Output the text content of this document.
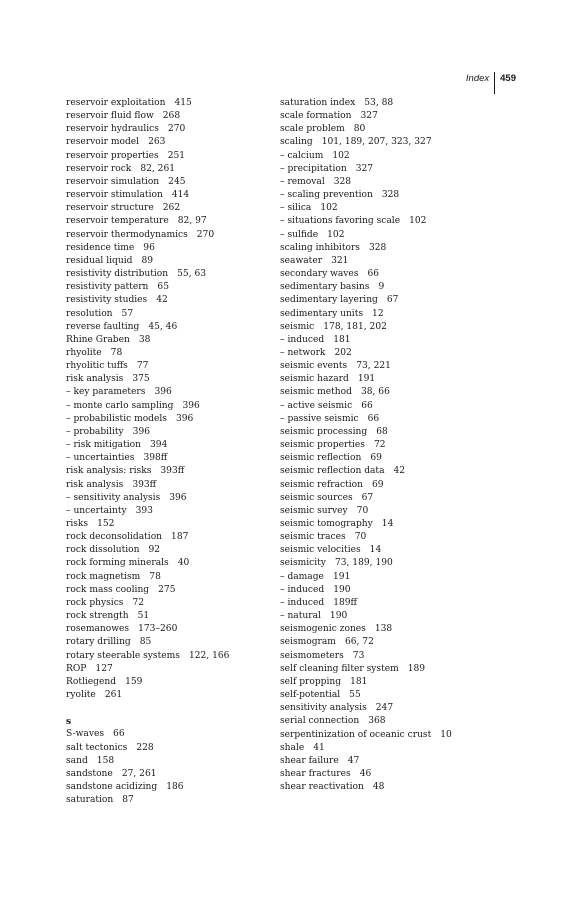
Index	459
reservoir exploitation 415
reservoir fluid flow 268
reservoir hydraulics 270
reservoir model 263
reservoir properties 251
reservoir rock 82, 261
reservoir simulation 245
reservoir stimulation 414
reservoir structure 262
reservoir temperature 82, 97
reservoir thermodynamics 270
residence time 96
residual liquid 89
resistivity distribution 55, 63
resistivity pattern 65
resistivity studies 42
resolution 57
reverse faulting 45, 46
Rhine Graben 38
rhyolite 78
rhyolitic tuffs 77
risk analysis 375
– key parameters 396
– monte carlo sampling 396
– probabilistic models 396
– probability 396
– risk mitigation 394
– uncertainties 398ff
risk analysis: risks 393ff
risk analysis 393ff
– sensitivity analysis 396
– uncertainty 393
risks 152
rock deconsolidation 187
rock dissolution 92
rock forming minerals 40
rock magnetism 78
rock mass cooling 275
rock physics 72
rock strength 51
rosemanowes 173–260
rotary drilling 85
rotary steerable systems 122, 166
ROP 127
Rotliegend 159
ryolite 261
s
S-waves 66
salt tectonics 228
sand 158
sandstone 27, 261
sandstone acidizing 186
saturation 87
saturation index 53, 88
scale formation 327
scale problem 80
scaling 101, 189, 207, 323, 327
– calcium 102
– precipitation 327
– removal 328
– scaling prevention 328
– silica 102
– situations favoring scale 102
– sulfide 102
scaling inhibitors 328
seawater 321
secondary waves 66
sedimentary basins 9
sedimentary layering 67
sedimentary units 12
seismic 178, 181, 202
– induced 181
– network 202
seismic events 73, 221
seismic hazard 191
seismic method 38, 66
– active seismic 66
– passive seismic 66
seismic processing 68
seismic properties 72
seismic reflection 69
seismic reflection data 42
seismic refraction 69
seismic sources 67
seismic survey 70
seismic tomography 14
seismic traces 70
seismic velocities 14
seismicity 73, 189, 190
– damage 191
– induced 190
– induced 189ff
– natural 190
seismogenic zones 138
seismogram 66, 72
seismometers 73
self cleaning filter system 189
self propping 181
self-potential 55
sensitivity analysis 247
serial connection 368
serpentinization of oceanic crust 10
shale 41
shear failure 47
shear fractures 46
shear reactivation 48
